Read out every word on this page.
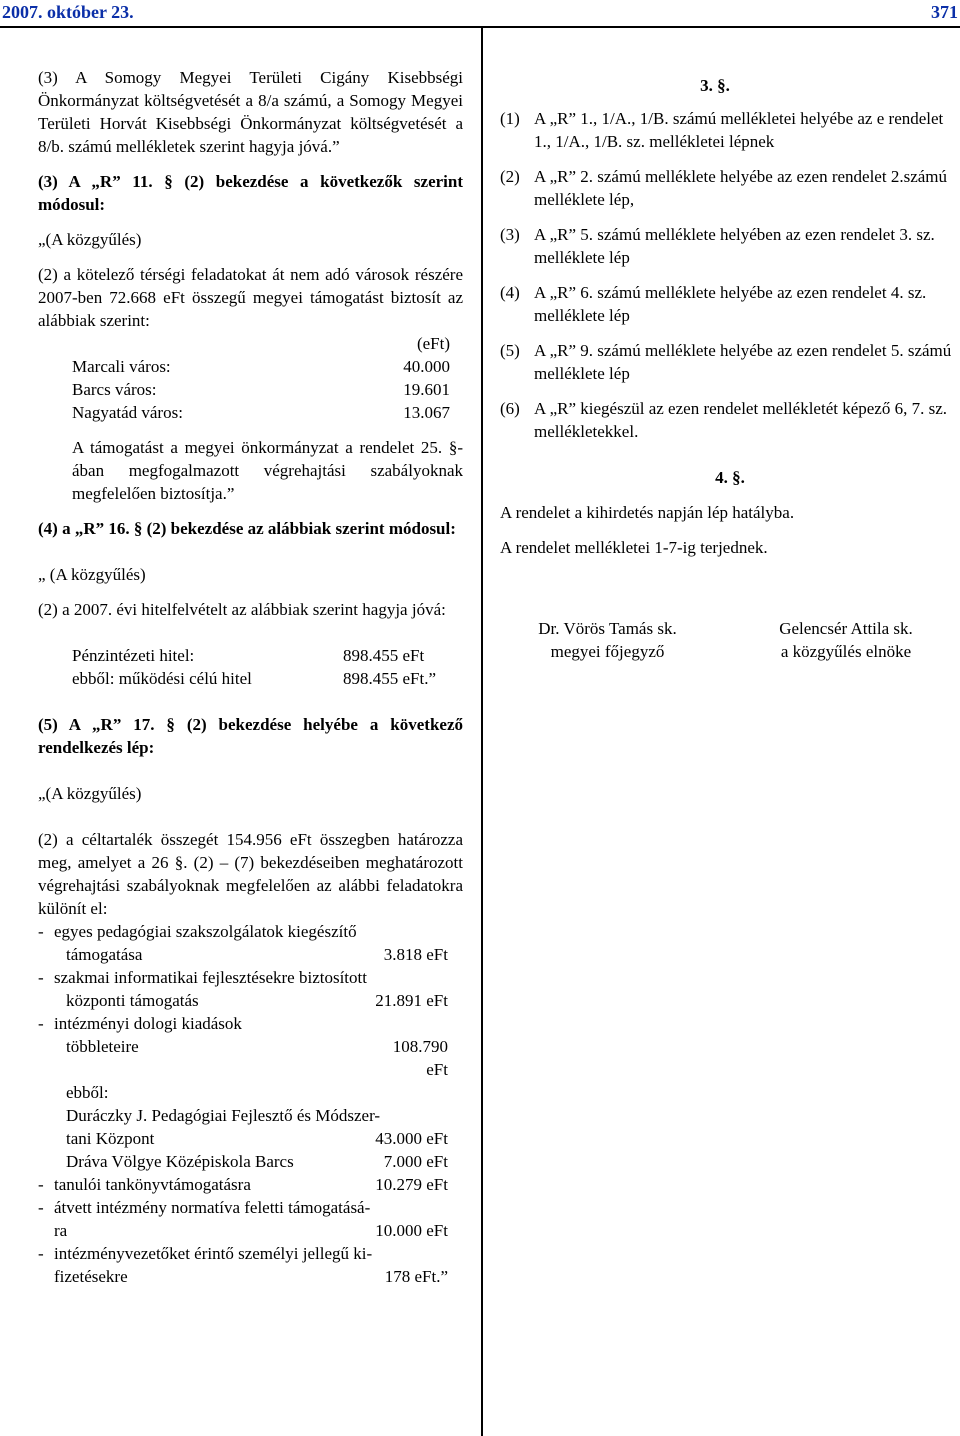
2007. október 23.	371
(3) A Somogy Megyei Területi Cigány Kisebbségi Önkormányzat költségvetését a 8/a számú, a Somogy Megyei Területi Horvát Kisebbségi Önkormányzat költségvetését a 8/b. számú mellékletek szerint hagyja jóvá.”
(3) A „R” 11. § (2) bekezdése a következők szerint módosul:
„(A közgyűlés)
(2) a kötelező térségi feladatokat át nem adó városok részére 2007-ben 72.668 eFt összegű megyei támogatást biztosít az alábbiak szerint:
(eFt)
Marcali város:	40.000
Barcs város:	19.601
Nagyatád város:	13.067
A támogatást a megyei önkormányzat a rendelet 25. §-ában megfogalmazott végrehajtási szabályoknak megfelelően biztosítja.”
(4) a „R” 16. § (2) bekezdése az alábbiak szerint módosul:
„ (A közgyűlés)
(2) a 2007. évi hitelfelvételt az alábbiak szerint hagyja jóvá:
Pénzintézeti hitel:	898.455 eFt
ebből: működési célú hitel	898.455 eFt.”
(5) A „R” 17. § (2) bekezdése helyébe a következő rendelkezés lép:
„(A közgyűlés)
(2) a céltartalék összegét 154.956 eFt összegben határozza meg, amelyet a 26 §. (2) – (7) bekezdéseiben meghatározott végrehajtási szabályoknak megfelelően az alábbi feladatokra különít el:
- egyes pedagógiai szakszolgálatok kiegészítő
támogatása	3.818 eFt
- szakmai informatikai fejlesztésekre biztosított
központi támogatás	21.891 eFt
- intézményi dologi kiadások
többleteire	108.790 eFt
ebből:
Duráczky J. Pedagógiai Fejlesztő és Módszer-
tani Központ	43.000 eFt
Dráva Völgye Középiskola Barcs	7.000 eFt
- tanulói tankönyvtámogatásra	10.279 eFt
- átvett intézmény normatíva feletti támogatásá-
ra	10.000 eFt
- intézményvezetőket érintő személyi jellegű ki-
fizetésekre	178 eFt.”
3. §.
(1) A „R” 1., 1/A., 1/B. számú mellékletei helyébe az e rendelet 1., 1/A., 1/B. sz. mellékletei lépnek
(2) A „R” 2. számú melléklete helyébe az ezen rendelet 2.számú melléklete lép,
(3) A „R” 5. számú melléklete helyében az ezen rendelet 3. sz. melléklete lép
(4) A „R” 6. számú melléklete helyébe az ezen rendelet 4. sz. melléklete lép
(5) A „R” 9. számú melléklete helyébe az ezen rendelet 5. számú melléklete lép
(6) A „R” kiegészül az ezen rendelet mellékletét képező 6, 7. sz. mellékletekkel.
4. §.
A rendelet a kihirdetés napján lép hatályba.
A rendelet mellékletei 1-7-ig terjednek.
Dr. Vörös Tamás sk.
megyei főjegyző
Gelencsér Attila sk.
a közgyűlés elnöke
